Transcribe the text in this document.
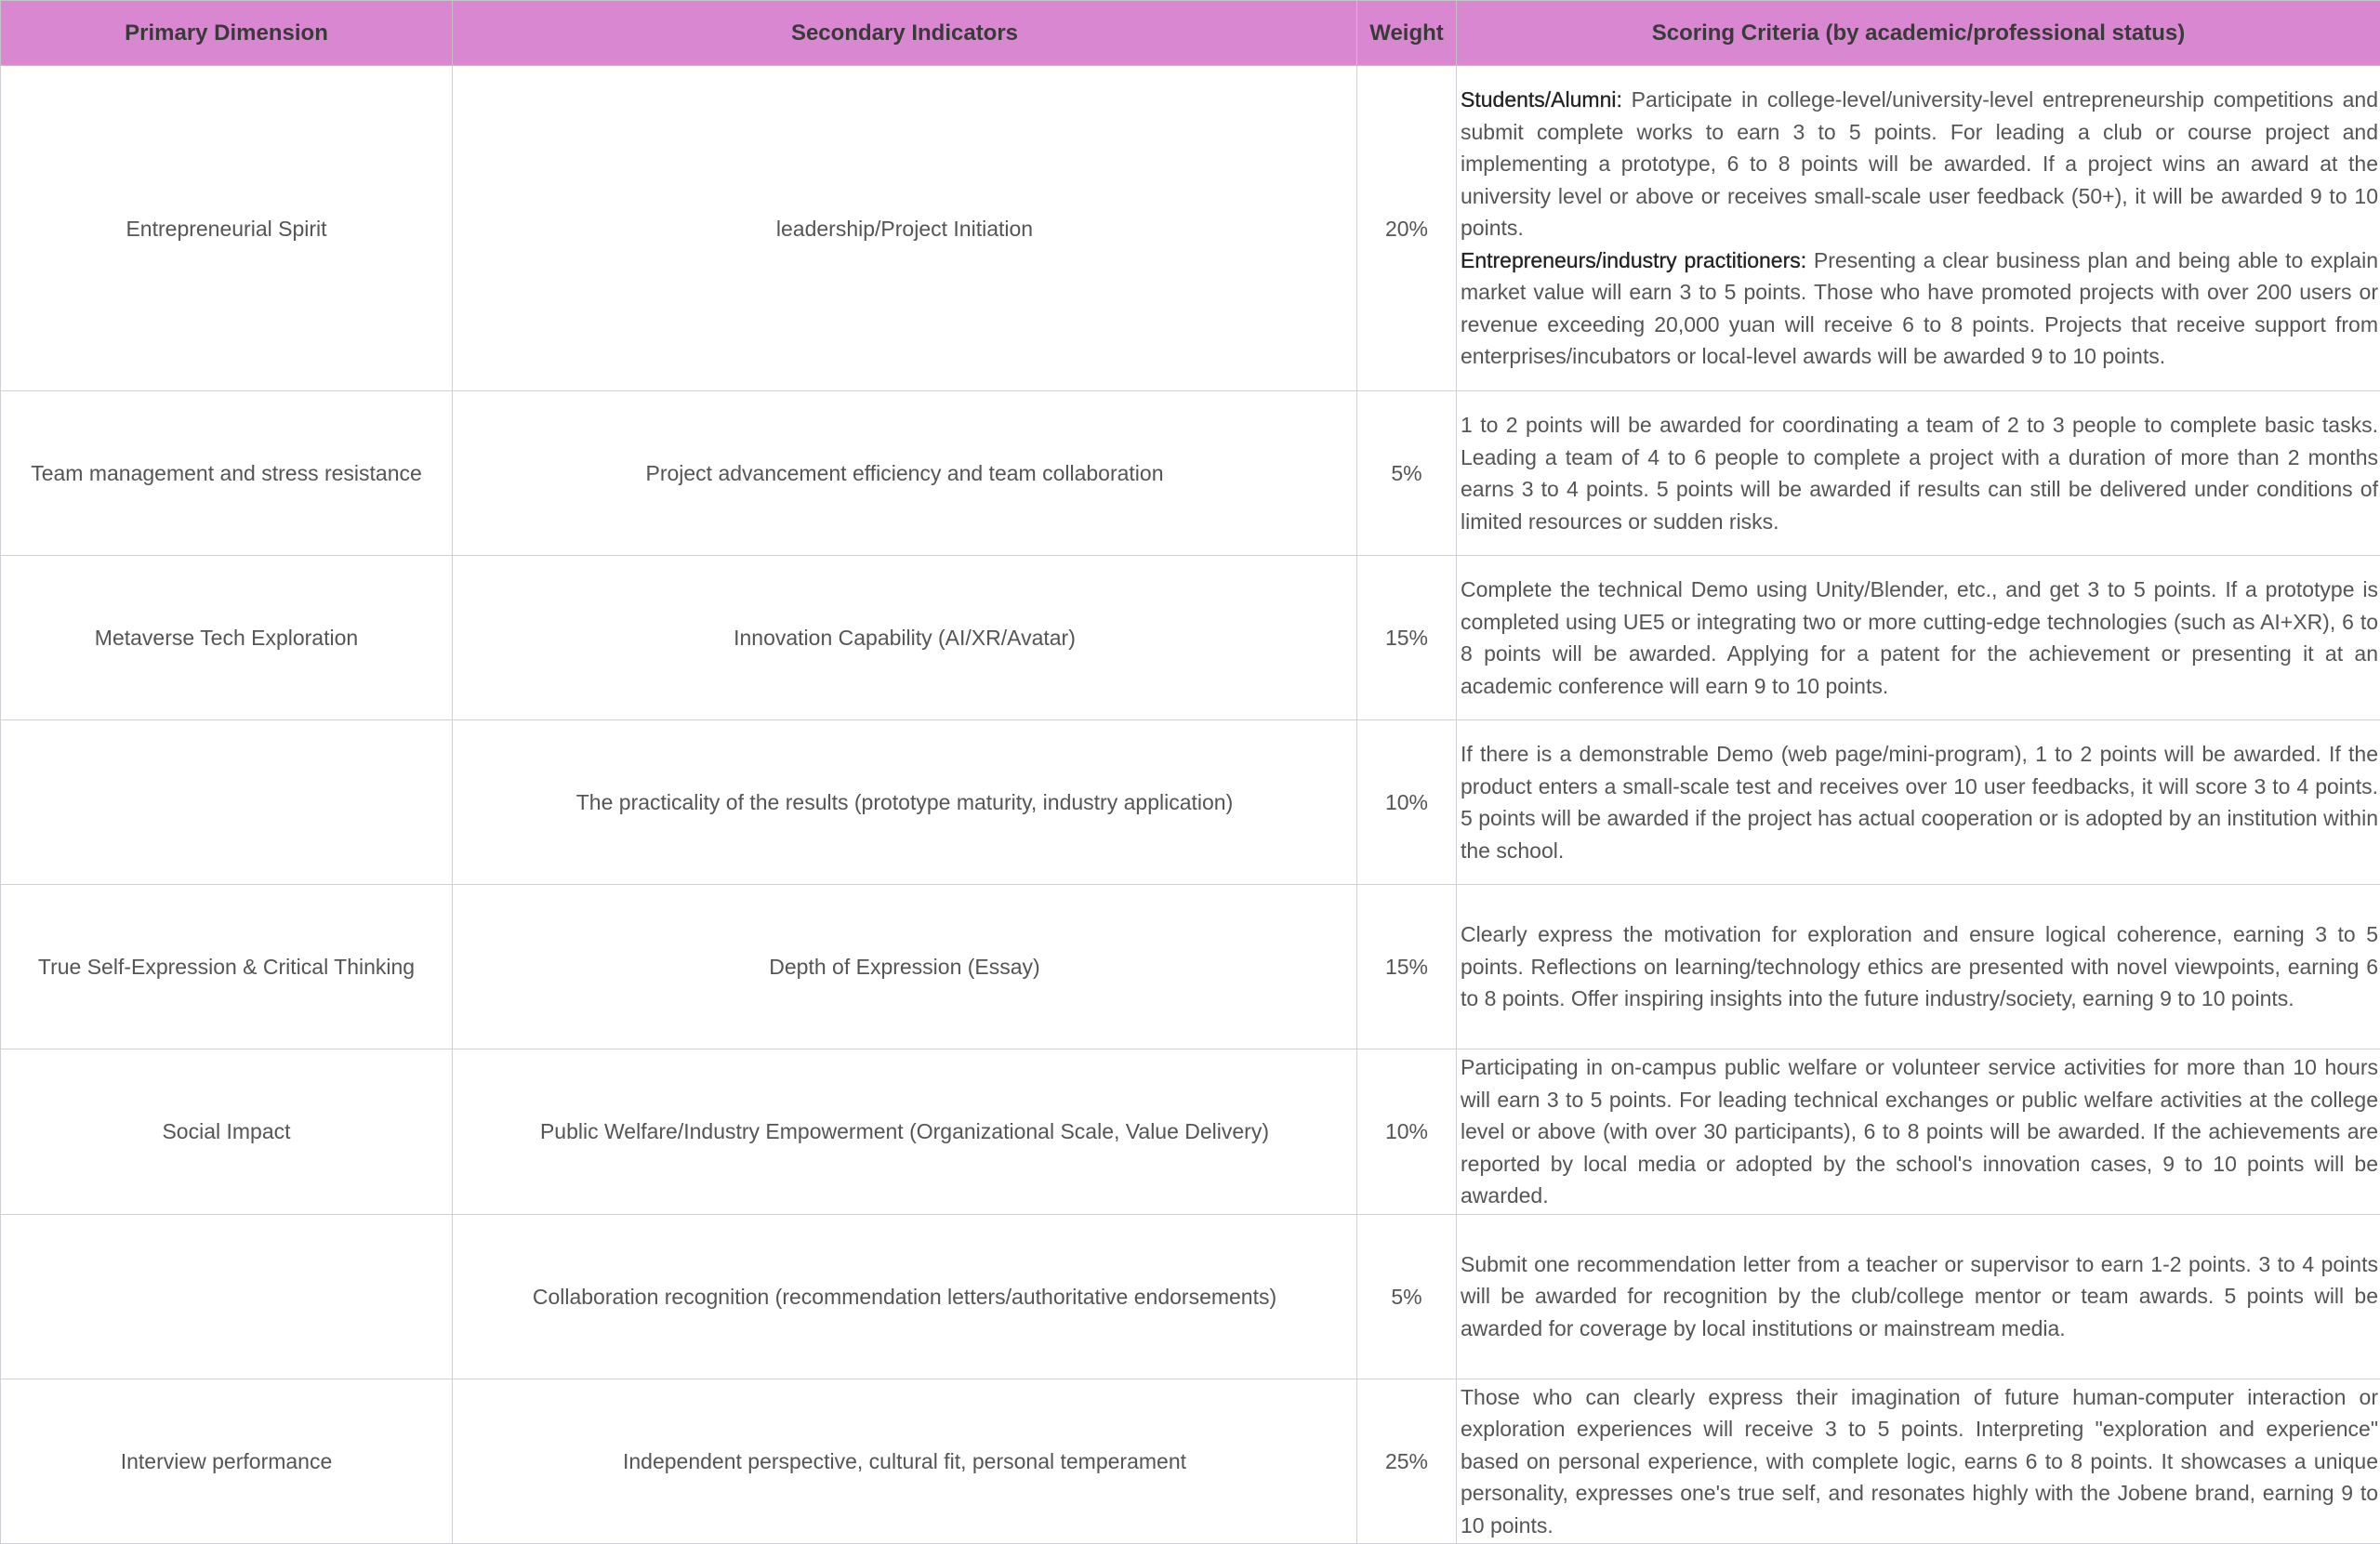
Primary Dimension	Secondary Indicators	Weight	Scoring Criteria (by academic/professional status)
Entrepreneurial Spirit	leadership/Project Initiation	20%	Students/Alumni: Participate in college-level/university-level entrepreneurship competitions and submit complete works to earn 3 to 5 points. For leading a club or course project and implementing a prototype, 6 to 8 points will be awarded. If a project wins an award at the university level or above or receives small-scale user feedback (50+), it will be awarded 9 to 10 points.
Entrepreneurs/industry practitioners: Presenting a clear business plan and being able to explain market value will earn 3 to 5 points. Those who have promoted projects with over 200 users or revenue exceeding 20,000 yuan will receive 6 to 8 points. Projects that receive support from enterprises/incubators or local-level awards will be awarded 9 to 10 points.

Team management and stress resistance	Project advancement efficiency and team collaboration	5%	1 to 2 points will be awarded for coordinating a team of 2 to 3 people to complete basic tasks. Leading a team of 4 to 6 people to complete a project with a duration of more than 2 months earns 3 to 4 points. 5 points will be awarded if results can still be delivered under conditions of limited resources or sudden risks.
Metaverse Tech Exploration	Innovation Capability (AI/XR/Avatar)	15%	Complete the technical Demo using Unity/Blender, etc., and get 3 to 5 points. If a prototype is completed using UE5 or integrating two or more cutting-edge technologies (such as AI+XR), 6 to 8 points will be awarded. Applying for a patent for the achievement or presenting it at an academic conference will earn 9 to 10 points.
	The practicality of the results (prototype maturity, industry application)	10%	If there is a demonstrable Demo (web page/mini-program), 1 to 2 points will be awarded. If the product enters a small-scale test and receives over 10 user feedbacks, it will score 3 to 4 points. 5 points will be awarded if the project has actual cooperation or is adopted by an institution within the school.
True Self-Expression & Critical Thinking	Depth of Expression (Essay)	15%	Clearly express the motivation for exploration and ensure logical coherence, earning 3 to 5 points. Reflections on learning/technology ethics are presented with novel viewpoints, earning 6 to 8 points. Offer inspiring insights into the future industry/society, earning 9 to 10 points.
Social Impact	Public Welfare/Industry Empowerment (Organizational Scale, Value Delivery)	10%	Participating in on-campus public welfare or volunteer service activities for more than 10 hours will earn 3 to 5 points. For leading technical exchanges or public welfare activities at the college level or above (with over 30 participants), 6 to 8 points will be awarded. If the achievements are reported by local media or adopted by the school's innovation cases, 9 to 10 points will be awarded.
	Collaboration recognition (recommendation letters/authoritative endorsements)	5%	Submit one recommendation letter from a teacher or supervisor to earn 1-2 points. 3 to 4 points will be awarded for recognition by the club/college mentor or team awards. 5 points will be awarded for coverage by local institutions or mainstream media.
Interview performance	Independent perspective, cultural fit, personal temperament	25%	Those who can clearly express their imagination of future human-computer interaction or exploration experiences will receive 3 to 5 points. Interpreting "exploration and experience" based on personal experience, with complete logic, earns 6 to 8 points. It showcases a unique personality, expresses one's true self, and resonates highly with the Jobene brand, earning 9 to 10 points.
